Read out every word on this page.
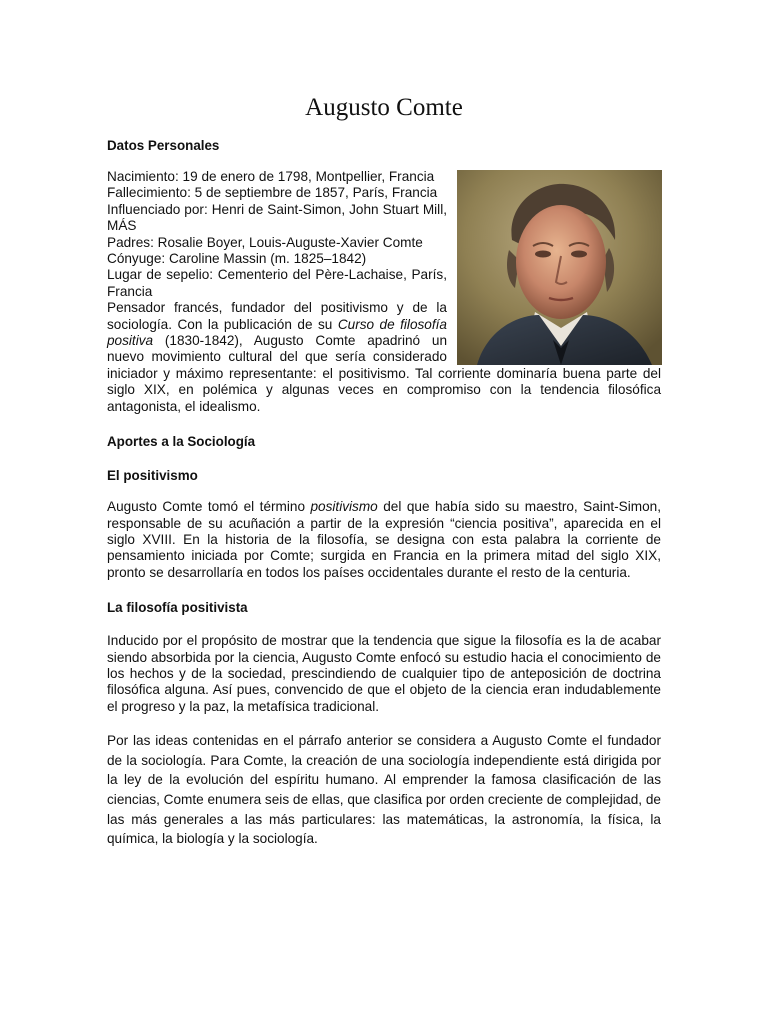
Augusto Comte

Datos Personales

Nacimiento: 19 de enero de 1798, Montpellier, Francia
Fallecimiento: 5 de septiembre de 1857, París, Francia
Influenciado por: Henri de Saint-Simon, John Stuart Mill, MÁS
Padres: Rosalie Boyer, Louis-Auguste-Xavier Comte
Cónyuge: Caroline Massin (m. 1825–1842)
Lugar de sepelio: Cementerio del Père-Lachaise, París, Francia
Pensador francés, fundador del positivismo y de la sociología. Con la publicación de su Curso de filosofía positiva (1830-1842), Augusto Comte apadrinó un nuevo movimiento cultural del que sería considerado iniciador y máximo representante: el positivismo. Tal corriente dominaría buena parte del siglo XIX, en polémica y algunas veces en compromiso con la tendencia filosófica antagonista, el idealismo.

Aportes a la Sociología

El positivismo

Augusto Comte tomó el término positivismo del que había sido su maestro, Saint-Simon, responsable de su acuñación a partir de la expresión “ciencia positiva”, aparecida en el siglo XVIII. En la historia de la filosofía, se designa con esta palabra la corriente de pensamiento iniciada por Comte; surgida en Francia en la primera mitad del siglo XIX, pronto se desarrollaría en todos los países occidentales durante el resto de la centuria.

La filosofía positivista

Inducido por el propósito de mostrar que la tendencia que sigue la filosofía es la de acabar siendo absorbida por la ciencia, Augusto Comte enfocó su estudio hacia el conocimiento de los hechos y de la sociedad, prescindiendo de cualquier tipo de anteposición de doctrina filosófica alguna. Así pues, convencido de que el objeto de la ciencia eran indudablemente el progreso y la paz, la metafísica tradicional.

Por las ideas contenidas en el párrafo anterior se considera a Augusto Comte el fundador de la sociología. Para Comte, la creación de una sociología independiente está dirigida por la ley de la evolución del espíritu humano. Al emprender la famosa clasificación de las ciencias, Comte enumera seis de ellas, que clasifica por orden creciente de complejidad, de las más generales a las más particulares: las matemáticas, la astronomía, la física, la química, la biología y la sociología.
